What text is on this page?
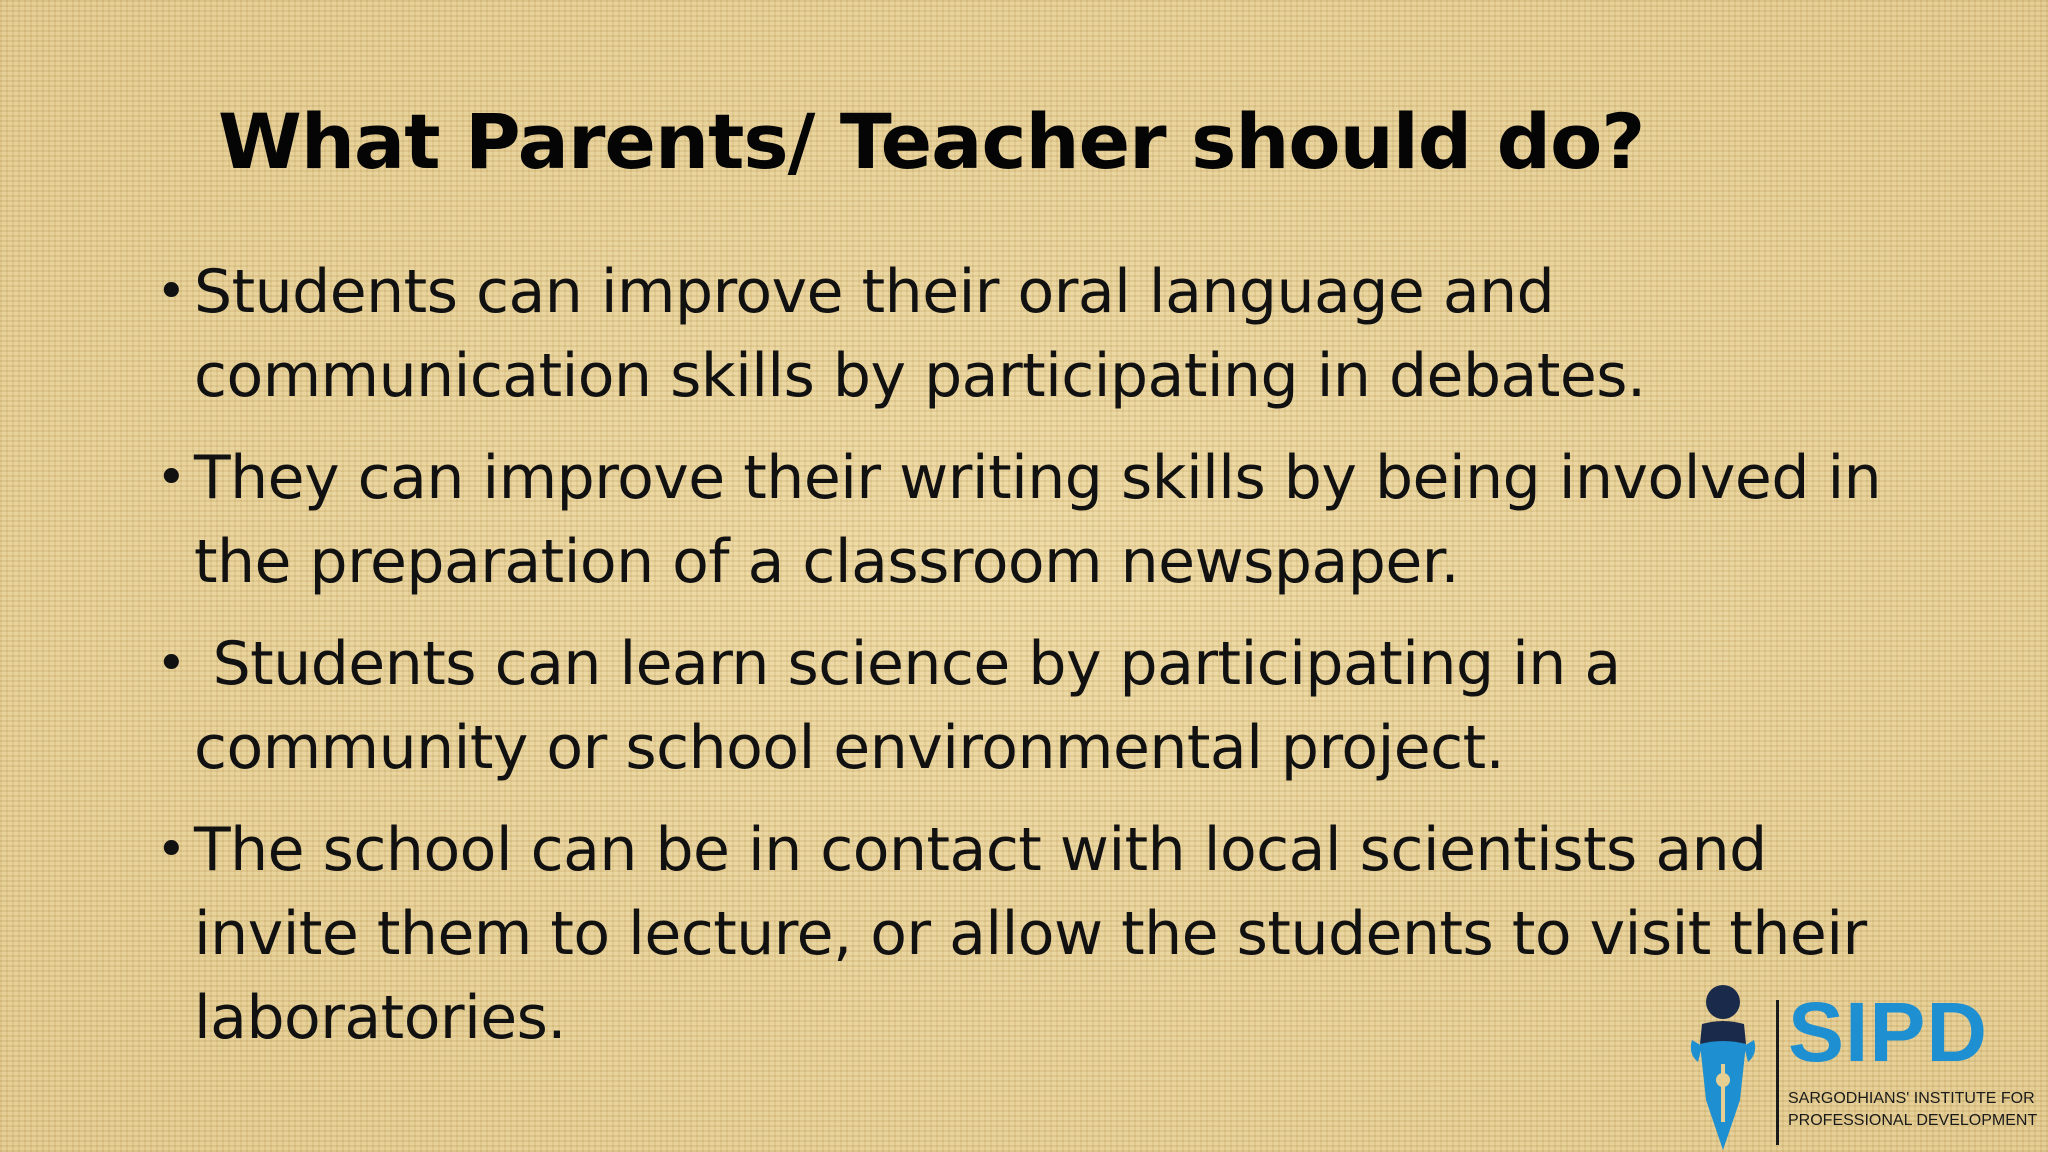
What Parents/ Teacher should do?
• Students can improve their oral language and communication skills by participating in debates.
• They can improve their writing skills by being involved in the preparation of a classroom newspaper.
• Students can learn science by participating in a community or school environmental project.
• The school can be in contact with local scientists and invite them to lecture, or allow the students to visit their laboratories.	SIPD
SARGODHIANS' INSTITUTE FOR
PROFESSIONAL DEVELOPMENT
